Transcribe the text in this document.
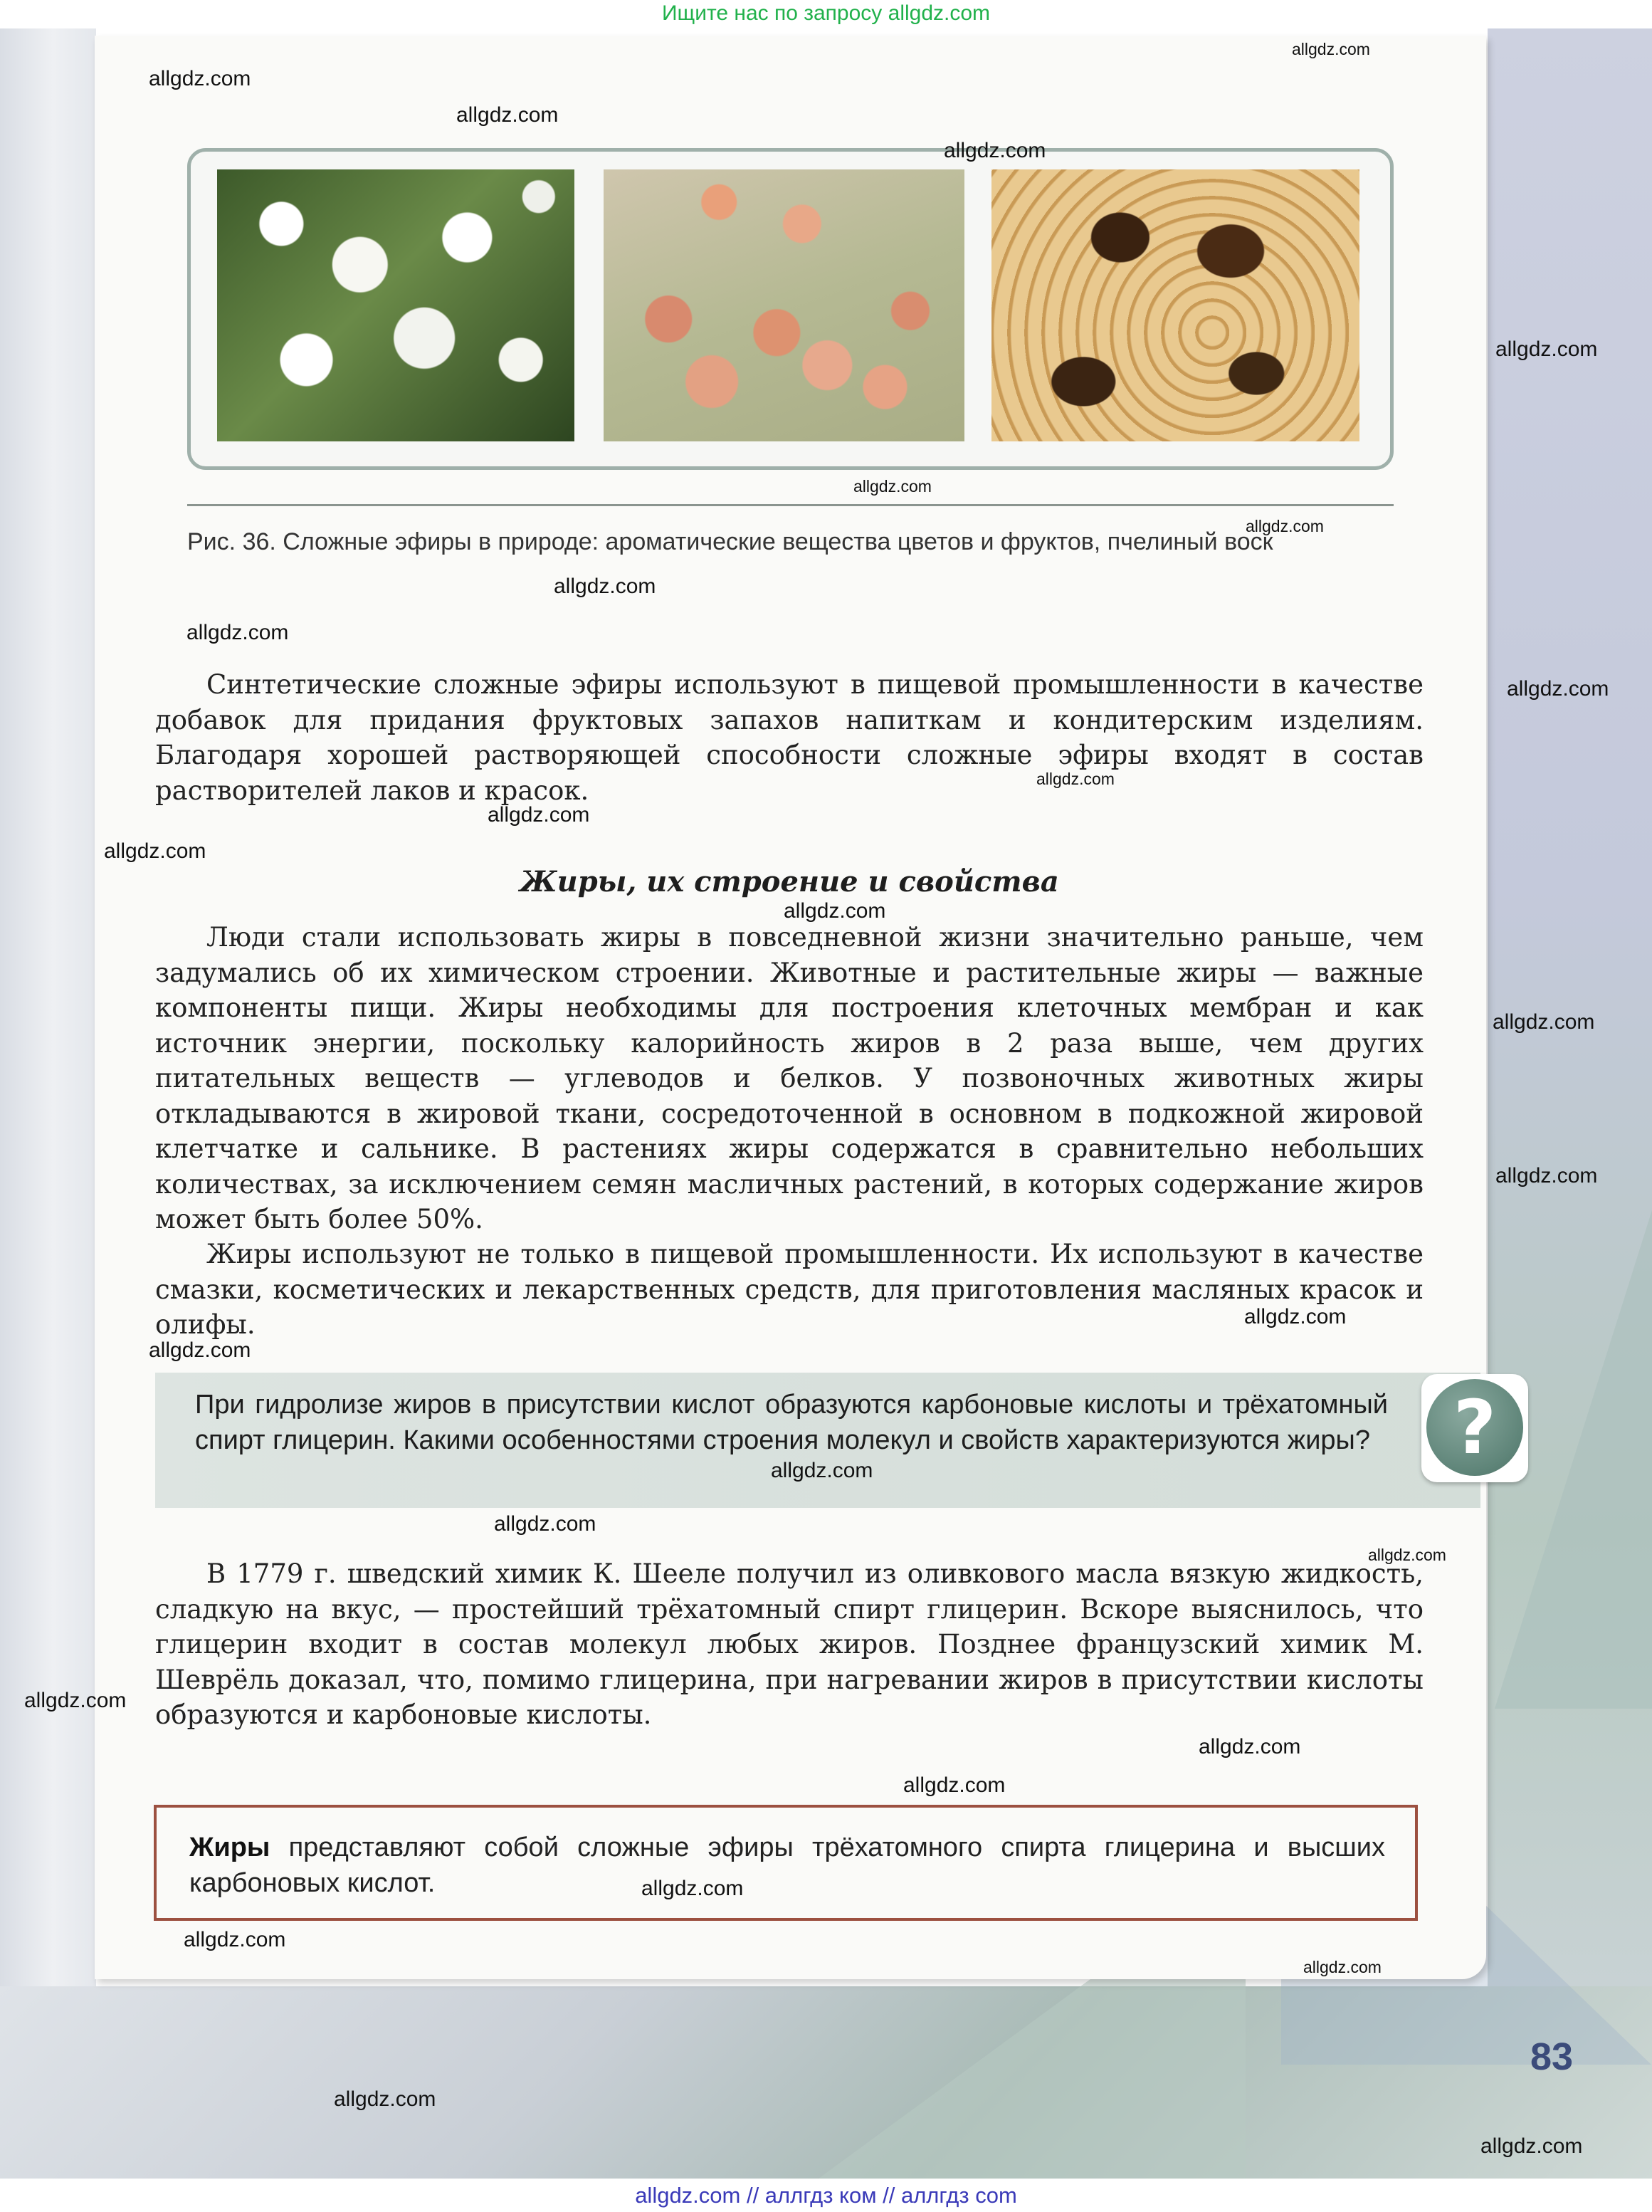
Ищите нас по запросу allgdz.com
Рис. 36. Сложные эфиры в природе: ароматические вещества цветов и фруктов, пчелиный воск
Синтетические сложные эфиры используют в пищевой промышленности в качестве добавок для придания фруктовых запахов напиткам и кондитерским изделиям. Благодаря хорошей растворяющей способности сложные эфиры входят в состав растворителей лаков и красок.
Жиры, их строение и свойства
Люди стали использовать жиры в повседневной жизни значительно раньше, чем задумались об их химическом строении. Животные и растительные жиры — важные компоненты пищи. Жиры необходимы для построения клеточных мембран и как источник энергии, поскольку калорийность жиров в 2 раза выше, чем других питательных веществ — углеводов и белков. У позвоночных животных жиры откладываются в жировой ткани, сосредоточенной в основном в подкожной жировой клетчатке и сальнике. В растениях жиры содержатся в сравнительно небольших количествах, за исключением семян масличных растений, в которых содержание жиров может быть более 50%.
Жиры используют не только в пищевой промышленности. Их используют в качестве смазки, косметических и лекарственных средств, для приготовления масляных красок и олифы.
При гидролизе жиров в присутствии кислот образуются карбоновые кислоты и трёхатомный спирт глицерин. Какими особенностями строения молекул и свойств характеризуются жиры? ?
В 1779 г. шведский химик К. Шееле получил из оливкового масла вязкую жидкость, сладкую на вкус, — простейший трёхатомный спирт глицерин. Вскоре выяснилось, что глицерин входит в состав молекул любых жиров. Позднее французский химик М. Шеврёль доказал, что, помимо глицерина, при нагревании жиров в присутствии кислоты образуются и карбоновые кислоты.
Жиры представляют собой сложные эфиры трёхатомного спирта глицерина и высших карбоновых кислот.
83
allgdz.com
allgdz.com
allgdz.com
allgdz.com
allgdz.com
allgdz.com
allgdz.com
allgdz.com
allgdz.com
allgdz.com
allgdz.com
allgdz.com
allgdz.com
allgdz.com
allgdz.com
allgdz.com
allgdz.com
allgdz.com
allgdz.com
allgdz.com
allgdz.com
allgdz.com
allgdz.com
allgdz.com
allgdz.com
allgdz.com
allgdz.com
allgdz.com
allgdz.com
allgdz.com // аллгдз ком // аллгдз com
